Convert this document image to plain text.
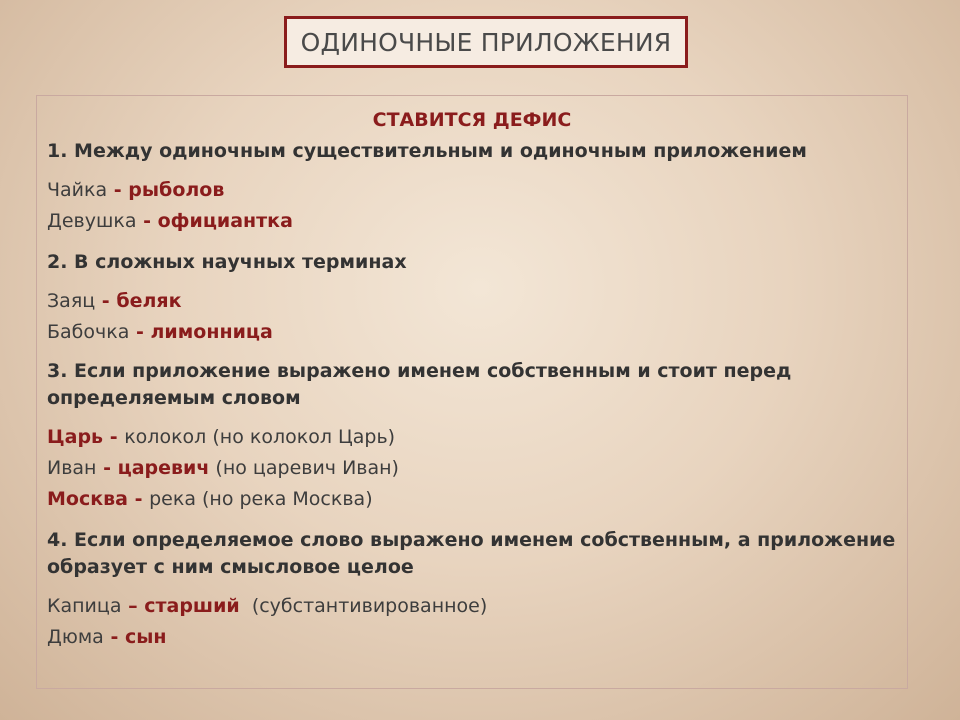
ОДИНОЧНЫЕ ПРИЛОЖЕНИЯ
СТАВИТСЯ ДЕФИС
1. Между одиночным существительным и одиночным приложением
Чайка - рыболов
Девушка - официантка
2. В сложных научных терминах
Заяц - беляк
Бабочка - лимонница
3. Если приложение выражено именем собственным и стоит перед определяемым словом
Царь - колокол (но колокол Царь)
Иван - царевич (но царевич Иван)
Москва - река (но река Москва)
4. Если определяемое слово выражено именем собственным, а приложение образует с ним смысловое целое
Капица – старший  (субстантивированное)
Дюма - сын
